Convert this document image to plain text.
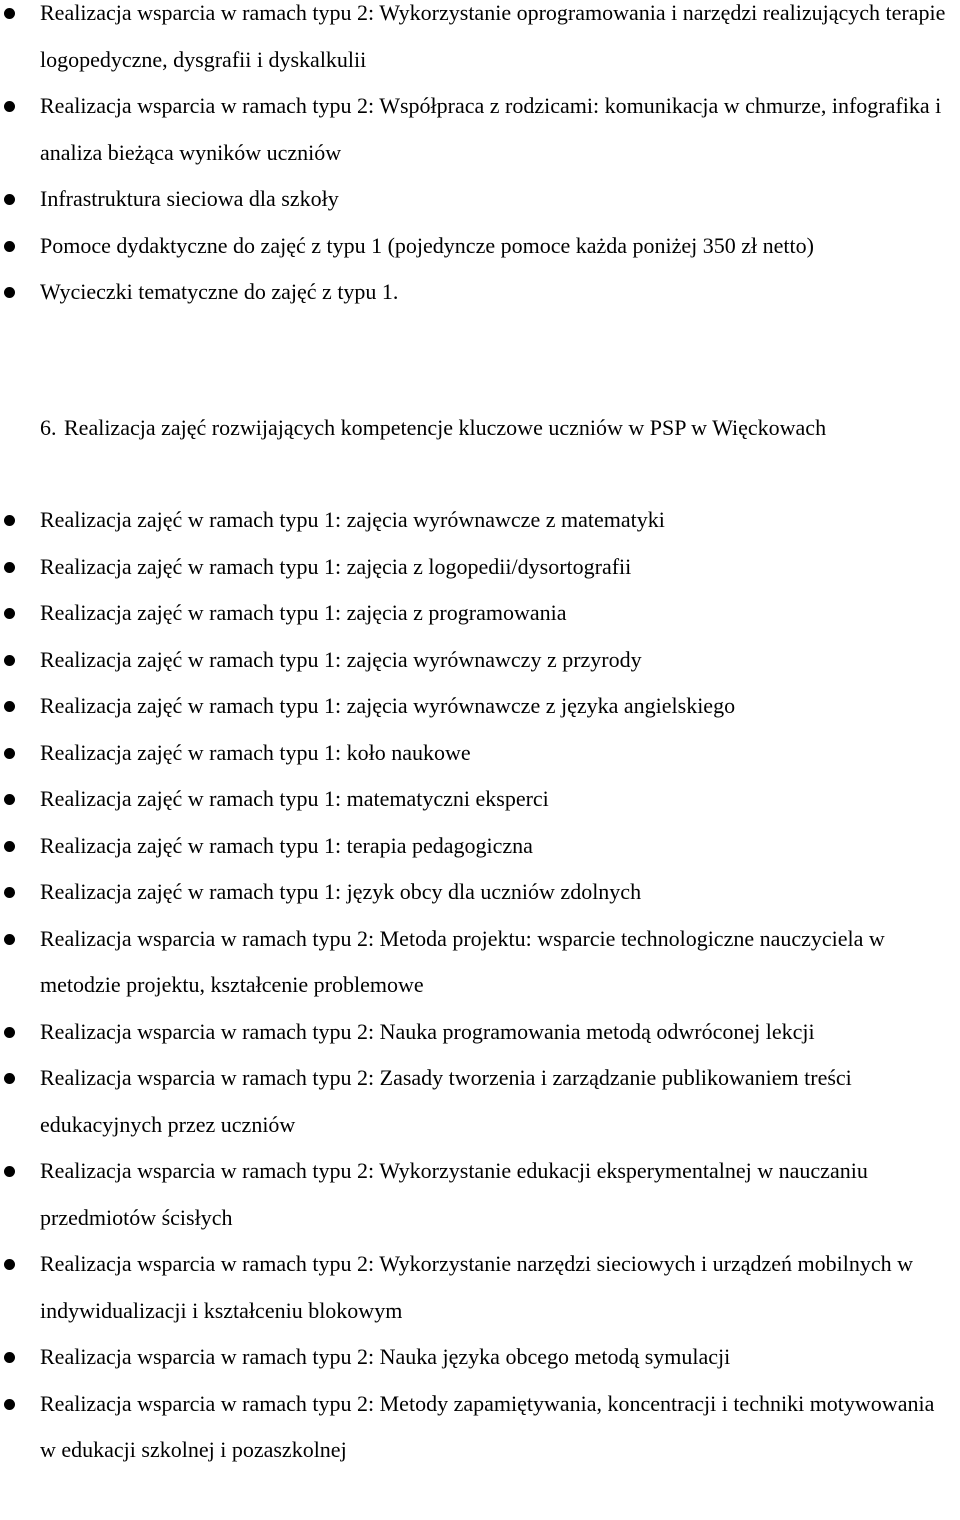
Realizacja wsparcia w ramach typu 2: Wykorzystanie oprogramowania i narzędzi realizujących terapie logopedyczne, dysgrafii i dyskalkulii
Realizacja wsparcia w ramach typu 2: Współpraca z rodzicami: komunikacja w chmurze, infografika i analiza bieżąca wyników uczniów
Infrastruktura sieciowa dla szkoły
Pomoce dydaktyczne do zajęć z typu 1 (pojedyncze pomoce każda poniżej 350 zł netto)
Wycieczki tematyczne do zajęć z typu 1.
6. Realizacja zajęć rozwijających kompetencje kluczowe uczniów w PSP w Więckowach
Realizacja zajęć w ramach typu 1: zajęcia wyrównawcze z matematyki
Realizacja zajęć w ramach typu 1: zajęcia z logopedii/dysortografii
Realizacja zajęć w ramach typu 1: zajęcia z programowania
Realizacja zajęć w ramach typu 1: zajęcia wyrównawczy z przyrody
Realizacja zajęć w ramach typu 1: zajęcia wyrównawcze z języka angielskiego
Realizacja zajęć w ramach typu 1: koło naukowe
Realizacja zajęć w ramach typu 1: matematyczni eksperci
Realizacja zajęć w ramach typu 1: terapia pedagogiczna
Realizacja zajęć w ramach typu 1: język obcy dla uczniów zdolnych
Realizacja wsparcia w ramach typu 2: Metoda projektu: wsparcie technologiczne nauczyciela w metodzie projektu, kształcenie problemowe
Realizacja wsparcia w ramach typu 2: Nauka programowania metodą odwróconej lekcji
Realizacja wsparcia w ramach typu 2: Zasady tworzenia i zarządzanie publikowaniem treści edukacyjnych przez uczniów
Realizacja wsparcia w ramach typu 2: Wykorzystanie edukacji eksperymentalnej w nauczaniu przedmiotów ścisłych
Realizacja wsparcia w ramach typu 2: Wykorzystanie narzędzi sieciowych i urządzeń mobilnych w indywidualizacji i kształceniu blokowym
Realizacja wsparcia w ramach typu 2: Nauka języka obcego metodą symulacji
Realizacja wsparcia w ramach typu 2: Metody zapamiętywania, koncentracji i techniki motywowania w edukacji szkolnej i pozaszkolnej
